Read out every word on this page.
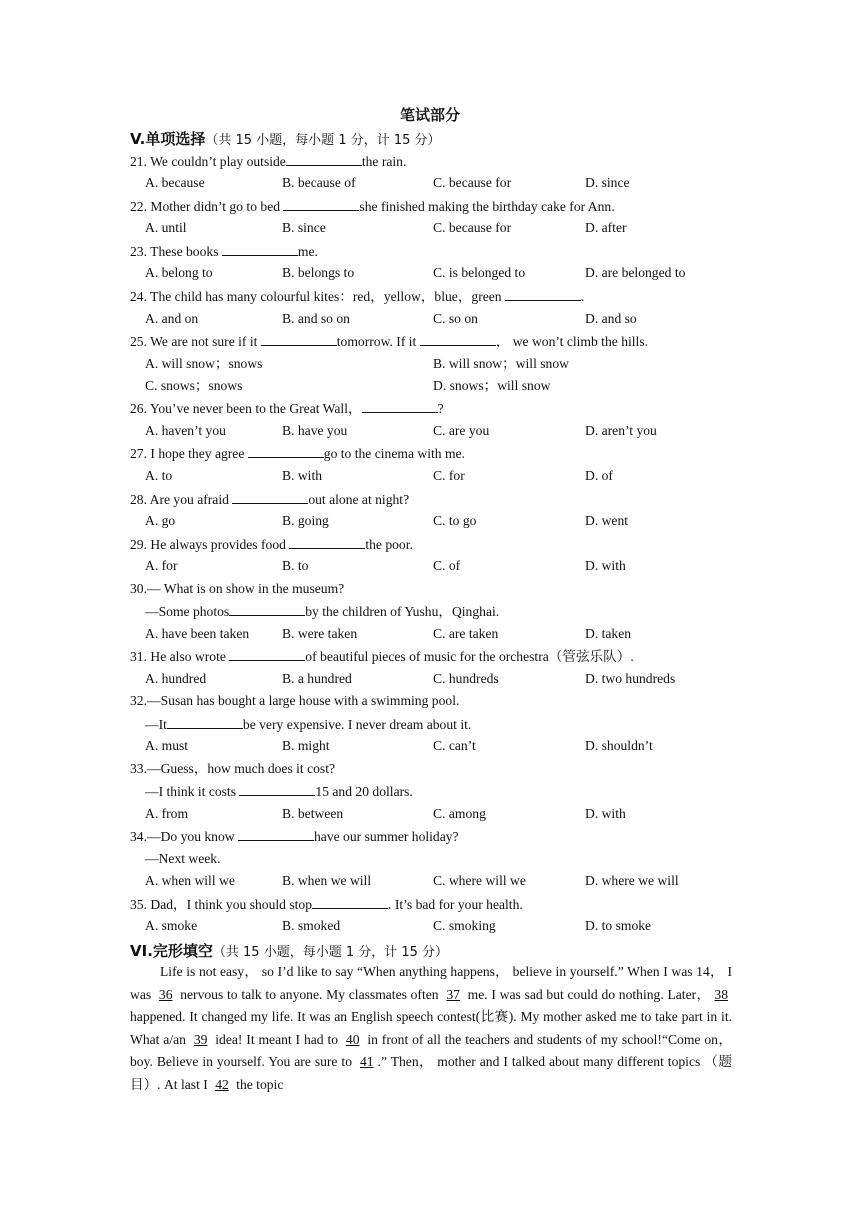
笔试部分
V.单项选择（共 15 小题，每小题 1 分，计 15 分）
21. We couldn’t play outside	the rain.
A. because	B. because of	C. because for	D. since
22. Mother didn’t go to bed	she finished making the birthday cake for Ann.
A. until	B. since	C. because for	D. after
23. These books	me.
A. belong to	B. belongs to	C. is belonged to	D. are belonged to
24. The child has many colourful kites：red，yellow，blue，green	.
A. and on	B. and so on	C. so on	D. and so
25. We are not sure if it	tomorrow. If it	， we won’t climb the hills.
A. will snow；snows	B. will snow；will snow
C. snows；snows	D. snows；will snow
26. You’ve never been to the Great Wall，	?
A. haven’t you	B. have you	C. are you	D. aren’t you
27. I hope they agree	go to the cinema with me.
A. to	B. with	C. for	D. of
28. Are you afraid	out alone at night?
A. go	B. going	C. to go	D. went
29. He always provides food	the poor.
A. for	B. to	C. of	D. with
30.— What is on show in the museum?
—Some photos	by the children of Yushu，Qinghai.
A. have been taken B. were taken	C. are taken	D. taken
31. He also wrote	of beautiful pieces of music for the orchestra（管弦乐队）.
A. hundred	B. a hundred	C. hundreds	D. two hundreds
32.—Susan has bought a large house with a swimming pool.
—It	be very expensive. I never dream about it.
A. must	B. might	C. can’t	D. shouldn’t
33.—Guess，how much does it cost?
—I think it costs	15 and 20 dollars.
A. from	B. between	C. among	D. with
34.—Do you know	have our summer holiday?
—Next week.
A. when will we	B. when we will	C. where will we	D. where we will
35. Dad，I think you should stop	. It’s bad for your health.
A. smoke	B. smoked	C. smoking	D. to smoke
VI.完形填空（共 15 小题，每小题 1 分，计 15 分）
Life is not easy， so I’d like to say “When anything happens， believe in yourself.” When I was 14， I was 36 nervous to talk to anyone. My classmates often 37 me. I was sad but could do nothing. Later， 38 happened. It changed my life. It was an English speech contest(比赛). My mother asked me to take part in it. What a/an 39 idea! It meant I had to 40 in front of all the teachers and students of my school!“Come on， boy. Believe in yourself. You are sure to 41 .” Then， mother and I talked about many different topics （题目）. At last I 42 the topic
